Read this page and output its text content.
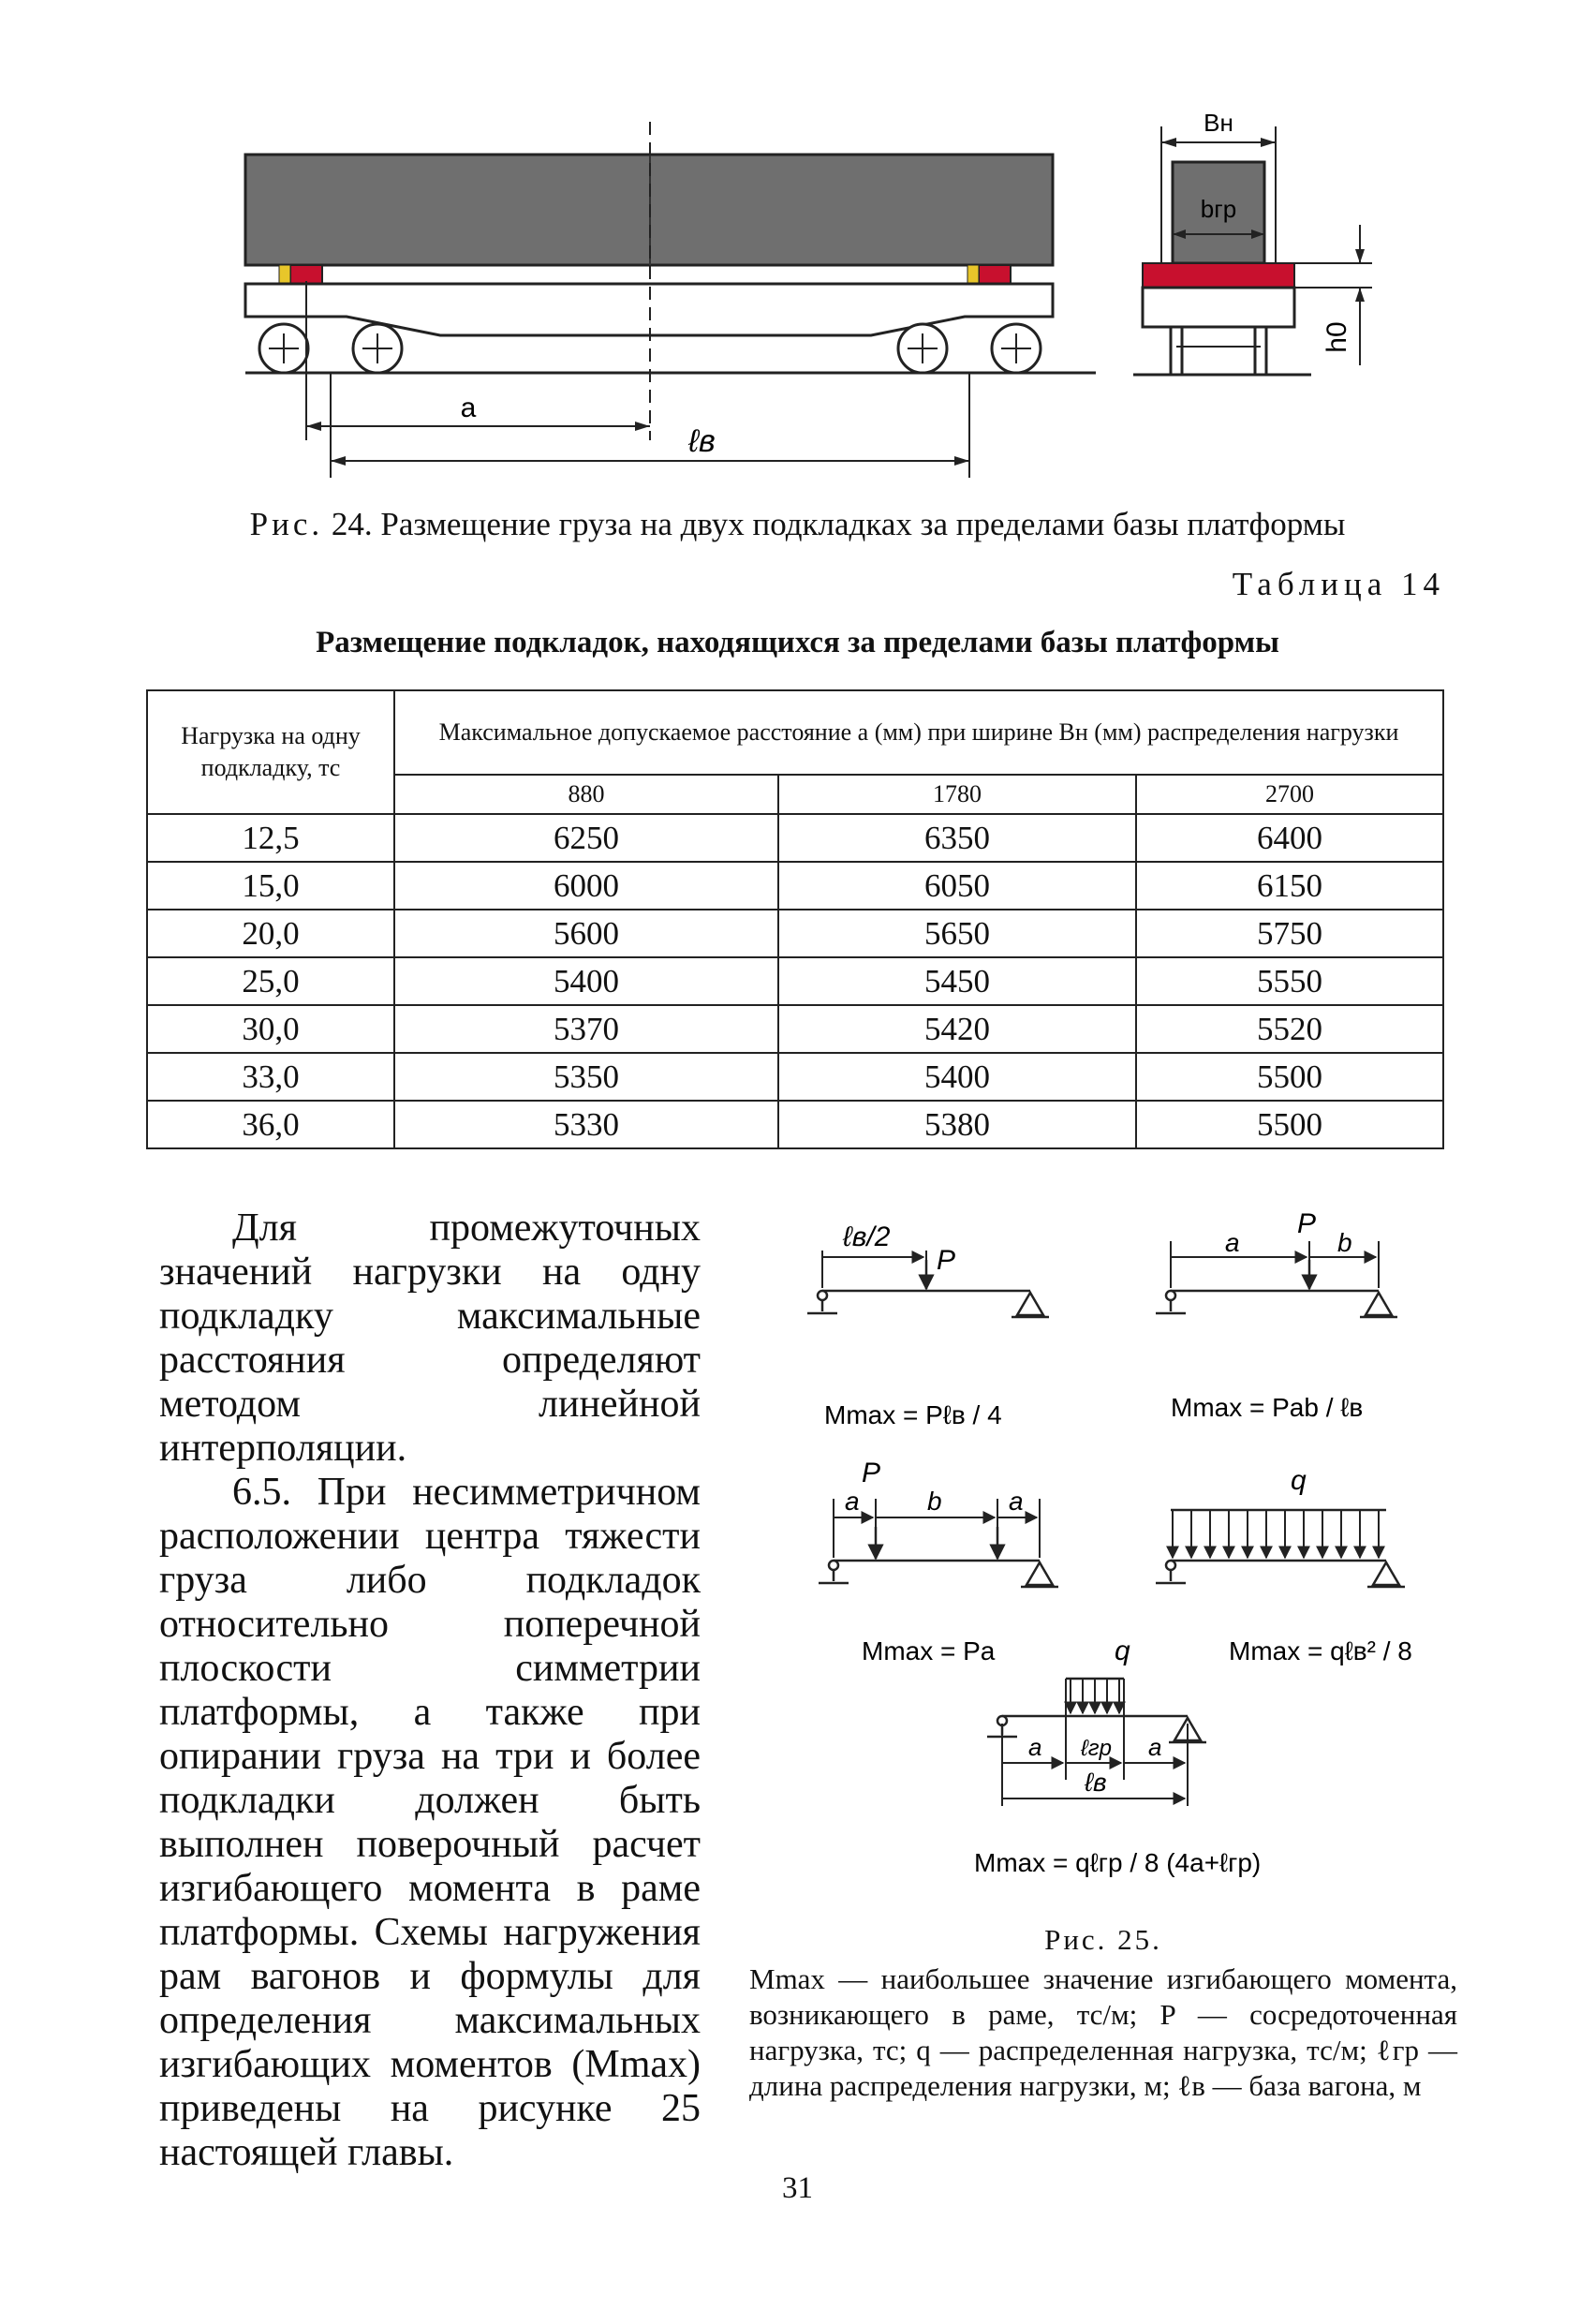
a
ℓв
Bн
bгр
h0
Рис. 24. Размещение груза на двух подкладках за пределами базы платформы
Таблица 14
Размещение подкладок, находящихся за пределами базы платформы
Нагрузка на одну подкладку, тс	Максимальное допускаемое расстояние a (мм) при ширине Bн (мм) распределения нагрузки		
	880	1780	2700
12,5	6250	6350	6400
15,0	6000	6050	6150
20,0	5600	5650	5750
25,0	5400	5450	5550
30,0	5370	5420	5520
33,0	5350	5400	5500
36,0	5330	5380	5500

Для промежуточных значений нагрузки на одну подкладку максимальные расстояния определяют методом линейной интерполяции.

6.5. При несимметричном расположении центра тяжести груза либо подкладок относительно поперечной плоскости симметрии платформы, а также при опирании груза на три и более подкладки должен быть выполнен поверочный расчет изгибающего момента в раме платформы. Схемы нагружения рам вагонов и формулы для определения максимальных изгибающих моментов (Mmax) приведены на рисунке 25 настоящей главы.

ℓв/2
P
Mmax = Pℓв / 4
P
a	b
Mmax = Pab / ℓв
P
a	b	a
Mmax = Pa
q
Mmax = qℓв² / 8
q
a ℓгр a
ℓв
Mmax = qℓгр / 8 (4a+ℓгр)
Рис. 25.
Mmax — наибольшее значение изгибающего момента, возникающего в раме, тс/м; P — сосредоточенная нагрузка, тс; q — распределенная нагрузка, тс/м; ℓгр — длина распределения нагрузки, м; ℓв — база вагона, м
31
